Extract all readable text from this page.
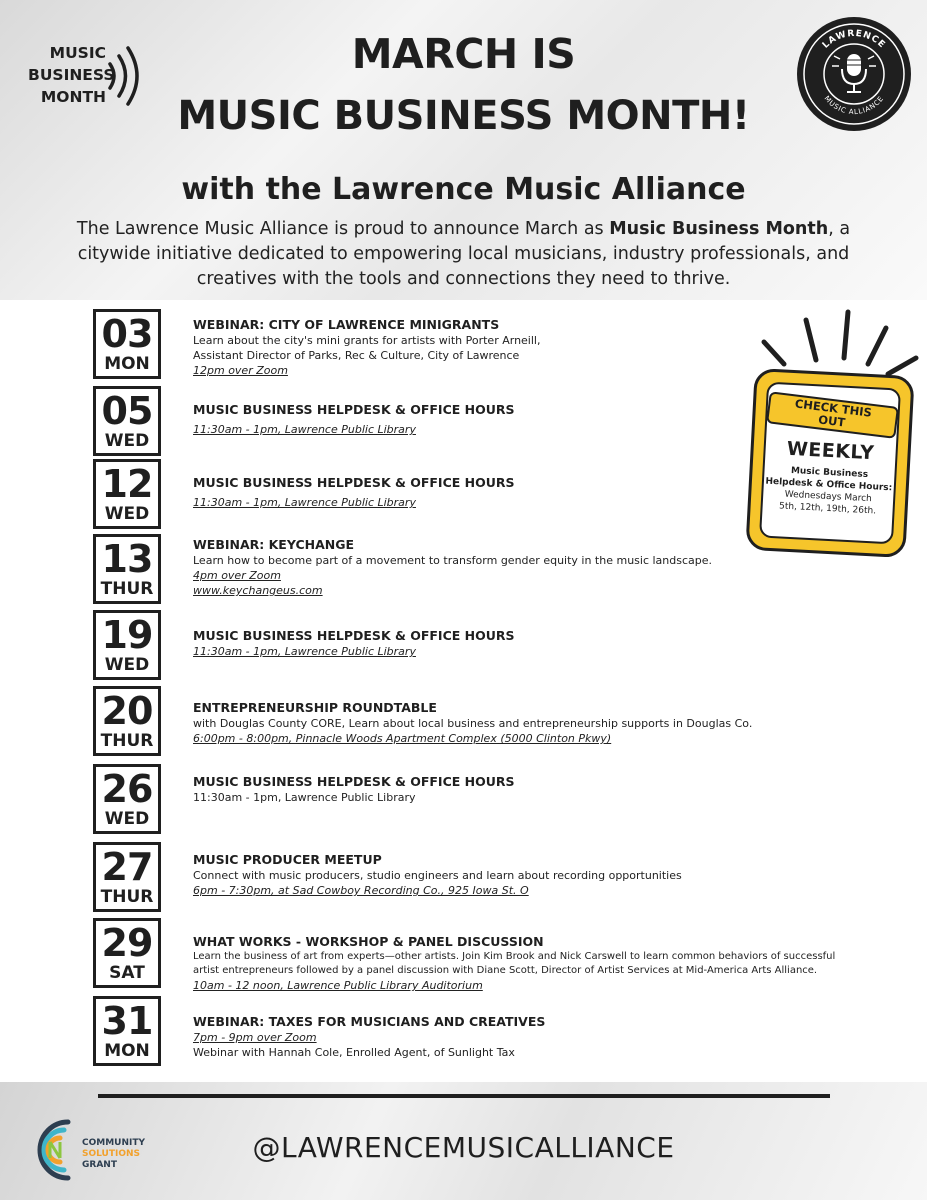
MUSIC
BUSINESS
MONTH
MARCH IS
MUSIC BUSINESS MONTH!
with the Lawrence Music Alliance
The Lawrence Music Alliance is proud to announce March as Music Business Month, a citywide initiative dedicated to empowering local musicians, industry professionals, and creatives with the tools and connections they need to thrive.
LAWRENCE
MUSIC ALLIANCE
03
MON
WEBINAR: CITY OF LAWRENCE MINIGRANTS
Learn about the city's mini grants for artists with Porter Arneill,
Assistant Director of Parks, Rec & Culture, City of Lawrence
12pm over Zoom
05
WED
MUSIC BUSINESS HELPDESK & OFFICE HOURS
11:30am - 1pm, Lawrence Public Library
12
WED
MUSIC BUSINESS HELPDESK & OFFICE HOURS
11:30am - 1pm, Lawrence Public Library
13
THUR
WEBINAR: KEYCHANGE
Learn how to become part of a movement to transform gender equity in the music landscape.
4pm over Zoom
www.keychangeus.com
19
WED
MUSIC BUSINESS HELPDESK & OFFICE HOURS
11:30am - 1pm, Lawrence Public Library
20
THUR
ENTREPRENEURSHIP ROUNDTABLE
with Douglas County CORE, Learn about local business and entrepreneurship supports in Douglas Co.
6:00pm - 8:00pm, Pinnacle Woods Apartment Complex (5000 Clinton Pkwy)
26
WED
MUSIC BUSINESS HELPDESK & OFFICE HOURS
11:30am - 1pm, Lawrence Public Library
27
THUR
MUSIC PRODUCER MEETUP
Connect with music producers, studio engineers and learn about recording opportunities
6pm - 7:30pm, at Sad Cowboy Recording Co., 925 Iowa St. O
29
SAT
WHAT WORKS - WORKSHOP & PANEL DISCUSSION
Learn the business of art from experts—other artists. Join Kim Brook and Nick Carswell to learn common behaviors of successful
artist entrepreneurs followed by a panel discussion with Diane Scott, Director of Artist Services at Mid-America Arts Alliance.
10am - 12 noon, Lawrence Public Library Auditorium
31
MON
WEBINAR: TAXES FOR MUSICIANS AND CREATIVES
7pm - 9pm over Zoom
Webinar with Hannah Cole, Enrolled Agent, of Sunlight Tax
CHECK THIS OUT
WEEKLY
Music Business
Helpdesk & Office Hours:
Wednesdays March
5th, 12th, 19th, 26th.
COMMUNITY
SOLUTIONS
GRANT
@LAWRENCEMUSICALLIANCE
